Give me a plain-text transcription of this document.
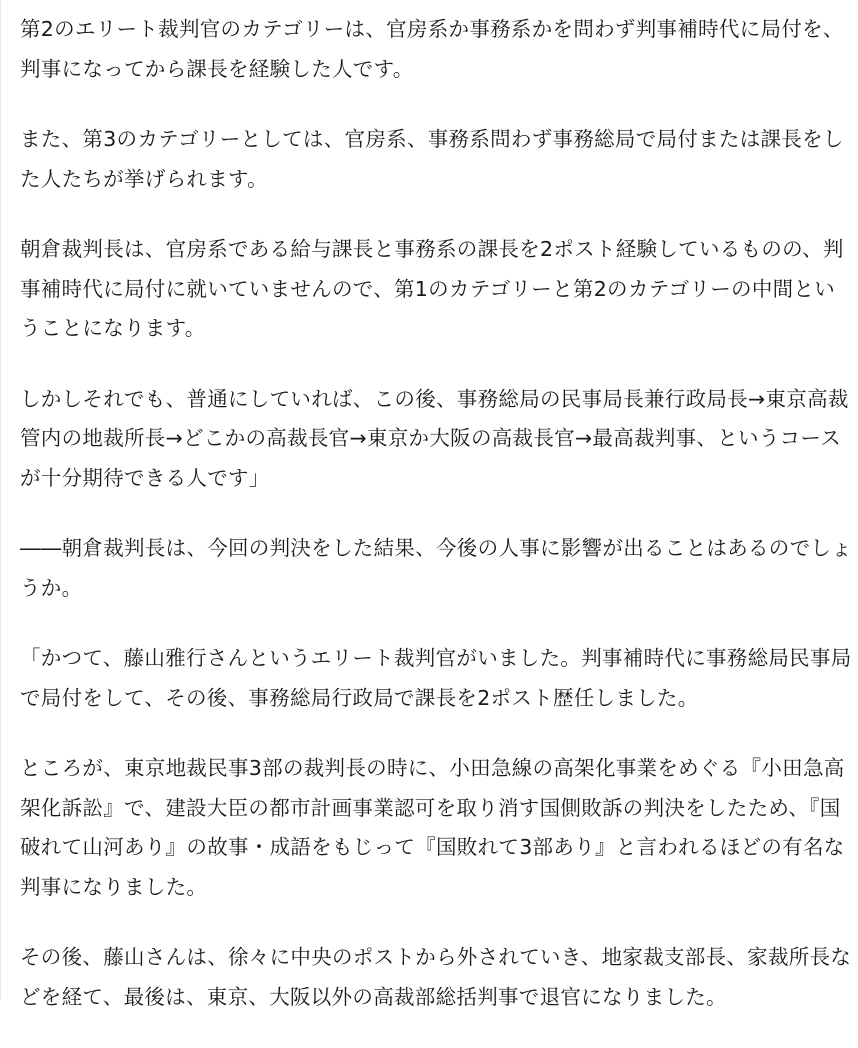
第2のエリート裁判官のカテゴリーは、官房系か事務系かを問わず判事補時代に局付を、
判事になってから課長を経験した人です。

また、第3のカテゴリーとしては、官房系、事務系問わず事務総局で局付または課長をし
た人たちが挙げられます。

朝倉裁判長は、官房系である給与課長と事務系の課長を2ポスト経験しているものの、判
事補時代に局付に就いていませんので、第1のカテゴリーと第2のカテゴリーの中間とい
うことになります。

しかしそれでも、普通にしていれば、この後、事務総局の民事局長兼行政局長→東京高裁
管内の地裁所長→どこかの高裁長官→東京か大阪の高裁長官→最高裁判事、というコース
が十分期待できる人です」

――朝倉裁判長は、今回の判決をした結果、今後の人事に影響が出ることはあるのでしょ
うか。

「かつて、藤山雅行さんというエリート裁判官がいました。判事補時代に事務総局民事局
で局付をして、その後、事務総局行政局で課長を2ポスト歴任しました。

ところが、東京地裁民事3部の裁判長の時に、小田急線の高架化事業をめぐる『小田急高
架化訴訟』で、建設大臣の都市計画事業認可を取り消す国側敗訴の判決をしたため、『国
破れて山河あり』の故事・成語をもじって『国敗れて3部あり』と言われるほどの有名な
判事になりました。

その後、藤山さんは、徐々に中央のポストから外されていき、地家裁支部長、家裁所長な
どを経て、最後は、東京、大阪以外の高裁部総括判事で退官になりました。
